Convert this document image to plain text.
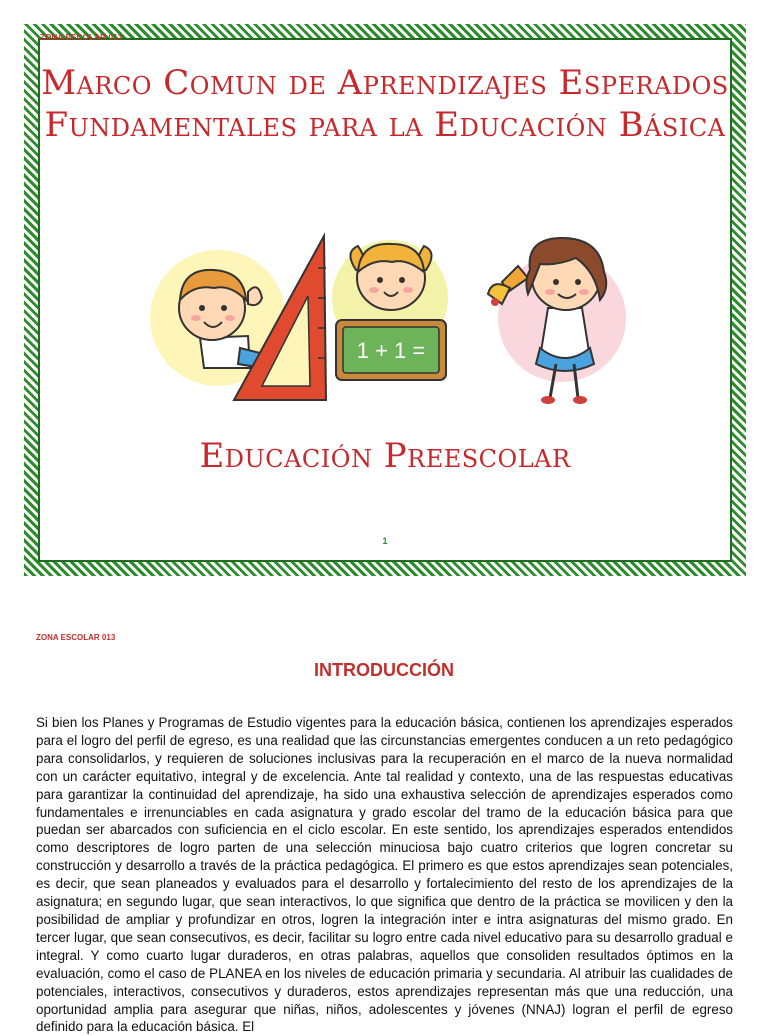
ZONA ESCOLAR 013
Marco Comun de Aprendizajes Esperados Fundamentales para la Educación Básica
1 + 1 =
Educación Preescolar
1
ZONA ESCOLAR 013
INTRODUCCIÓN

Si bien los Planes y Programas de Estudio vigentes para la educación básica, contienen los aprendizajes esperados para el logro del perfil de egreso, es una realidad que las circunstancias emergentes conducen a un reto pedagógico para consolidarlos, y requieren de soluciones inclusivas para la recuperación en el marco de la nueva normalidad con un carácter equitativo, integral y de excelencia. Ante tal realidad y contexto, una de las respuestas educativas para garantizar la continuidad del aprendizaje, ha sido una exhaustiva selección de aprendizajes esperados como fundamentales e irrenunciables en cada asignatura y grado escolar del tramo de la educación básica para que puedan ser abarcados con suficiencia en el ciclo escolar. En este sentido, los aprendizajes esperados entendidos como descriptores de logro parten de una selección minuciosa bajo cuatro criterios que logren concretar su construcción y desarrollo a través de la práctica pedagógica. El primero es que estos aprendizajes sean potenciales, es decir, que sean planeados y evaluados para el desarrollo y fortalecimiento del resto de los aprendizajes de la asignatura; en segundo lugar, que sean interactivos, lo que significa que dentro de la práctica se movilicen y den la posibilidad de ampliar y profundizar en otros, logren la integración inter e intra asignaturas del mismo grado. En tercer lugar, que sean consecutivos, es decir, facilitar su logro entre cada nivel educativo para su desarrollo gradual e integral. Y como cuarto lugar duraderos, en otras palabras, aquellos que consoliden resultados óptimos en la evaluación, como el caso de PLANEA en los niveles de educación primaria y secundaria. Al atribuir las cualidades de potenciales, interactivos, consecutivos y duraderos, estos aprendizajes representan más que una reducción, una oportunidad amplia para asegurar que niñas, niños, adolescentes y jóvenes (NNAJ) logran el perfil de egreso definido para la educación básica. El
